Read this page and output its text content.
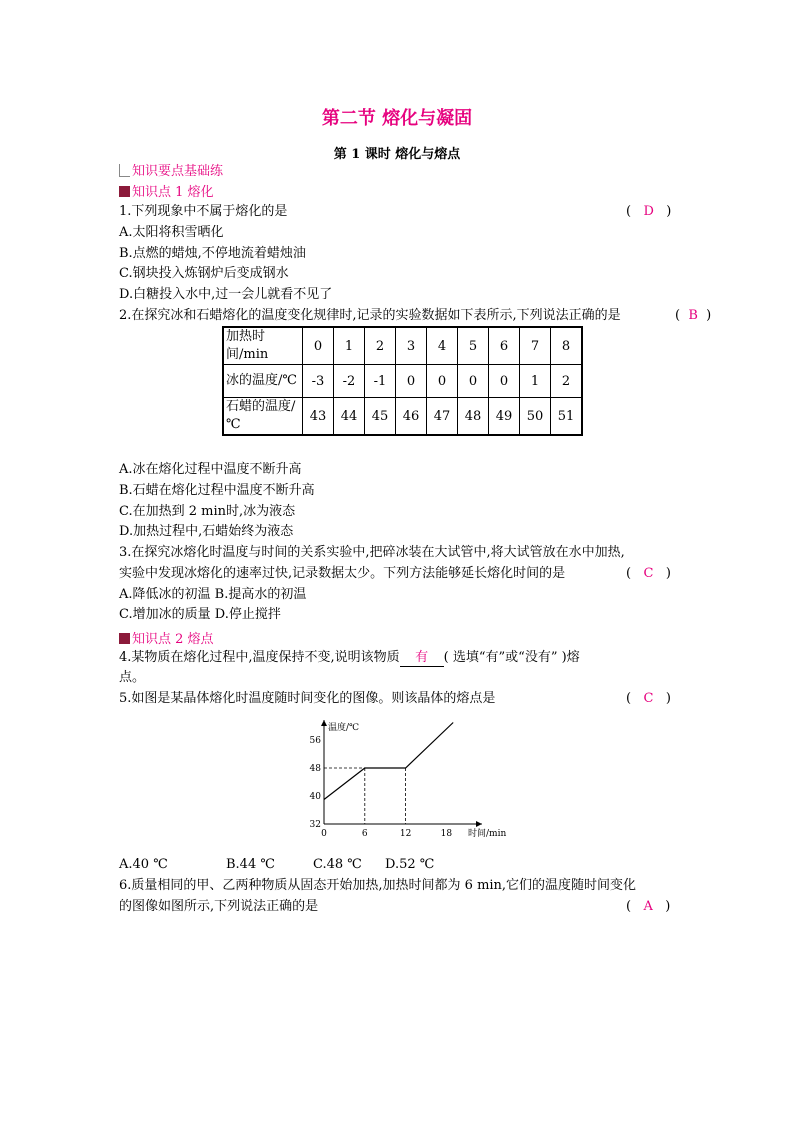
第二节 熔化与凝固
第 1 课时 熔化与熔点
知识要点基础练
知识点 1 熔化
1.下列现象中不属于熔化的是	(   D   )
A.太阳将积雪晒化
B.点燃的蜡烛,不停地流着蜡烛油
C.钢块投入炼钢炉后变成钢水
D.白糖投入水中,过一会儿就看不见了
2.在探究冰和石蜡熔化的温度变化规律时,记录的实验数据如下表所示,下列说法正确的是	(  B  )
加热时间/min	0	1	2	3	4	5	6	7	8
冰的温度/℃	-3	-2	-1	0	0	0	0	1	2
石蜡的温度/℃	43	44	45	46	47	48	49	50	51
A.冰在熔化过程中温度不断升高
B.石蜡在熔化过程中温度不断升高
C.在加热到 2 min时,冰为液态
D.加热过程中,石蜡始终为液态
3.在探究冰熔化时温度与时间的关系实验中,把碎冰装在大试管中,将大试管放在水中加热,
实验中发现冰熔化的速率过快,记录数据太少。下列方法能够延长熔化时间的是	(   C   )
A.降低冰的初温 B.提高水的初温
C.增加冰的质量 D.停止搅拌
知识点 2 熔点
4.某物质在熔化过程中,温度保持不变,说明该物质 有 ( 选填“有”或“没有” )熔
点。
5.如图是某晶体熔化时温度随时间变化的图像。则该晶体的熔点是	(   C   )
温度/℃
时间/min
32
40
48
56
0	6	12	18
A.40 ℃	B.44 ℃	C.48 ℃ D.52 ℃
6.质量相同的甲、乙两种物质从固态开始加热,加热时间都为 6 min,它们的温度随时间变化
的图像如图所示,下列说法正确的是	(   A   )
